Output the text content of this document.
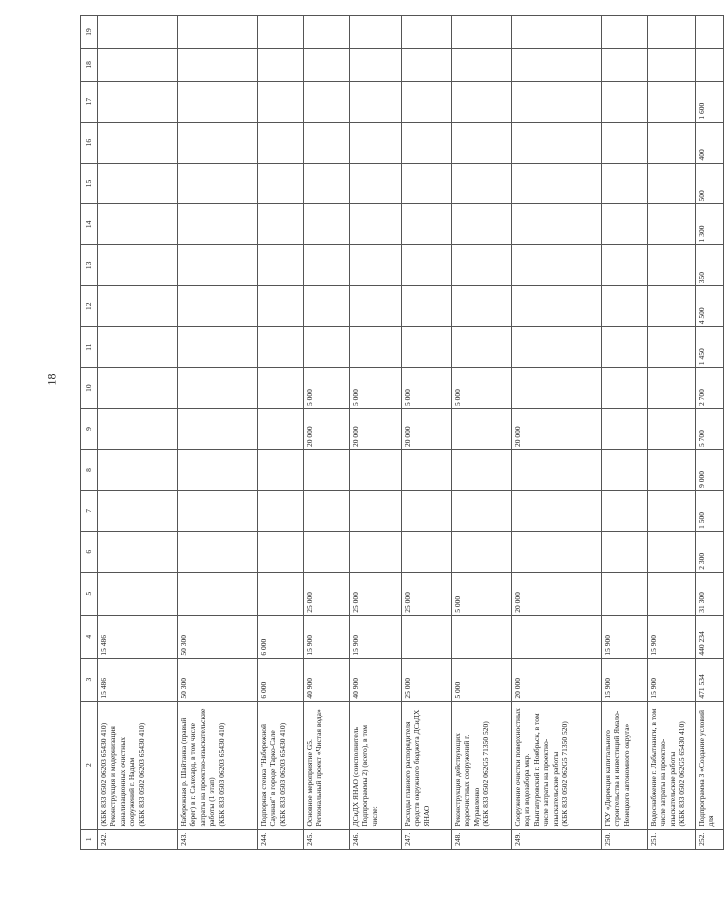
18
1	2	3	4	5	6	7	8	9	10	11	12	13	14	15	16	17	18	19
242.	(КБК 833 0502 06203 65430 410)
Реконструкция и модернизация канализационных очистных сооружений г. Надым
(КБК 833 0502 06203 65430 410)	15 486	15 486															
243.	Набережная р. Шайтанка (правый берег) в г. Салехард, в том числе затраты на проектно-изыскательские работы (1 этап)
(КБК 833 0503 06203 65430 410)	50 300	50 300															
244.	Подпорная стенка "Набережной Саунная" в городе Тарко-Сале
(КБК 833 0503 06203 65430 410)	6 000	6 000															
245.	Основное мероприятие G5. Региональный проект «Чистая вода»	40 900	15 900	25 000				20 000	5 000									
246.	ДСиДХ ЯНАО (соисполнитель Подпрограммы 2) (всего), в том числе:	40 900	15 900	25 000				20 000	5 000									
247.	Расходы главного распорядителя средств окружного бюджета ДСиДХ ЯНАО	25 000		25 000				20 000	5 000									
248.	Реконструкция действующих водоочистных сооружений г. Муравленко
(КБК 833 0502 062G5 71350 520)	5 000		5 000					5 000									
249.	Сооружение очистки поверхностных вод из водозабора мкр. Вынгапуровский г. Ноябрьск, в том числе затраты на проектно-изыскательские работы
(КБК 833 0502 062G5 71350 520)	20 000		20 000				20 000										
250.	ГКУ «Дирекция капитального строительства и инвестиций Ямало-Ненецкого автономного округа»	15 900	15 900															
251.	Водоснабжение г. Лабытнанги, в том числе затраты на проектно-изыскательские работы
(КБК 833 0502 062G5 65430 410)	15 900	15 900															
252.	Подпрограмма 3 «Создание условий для	471 534	440 234	31 300	2 300	1 500	9 000	5 700	2 700	1 450	4 500	350	1 300	500	400	1 600		
